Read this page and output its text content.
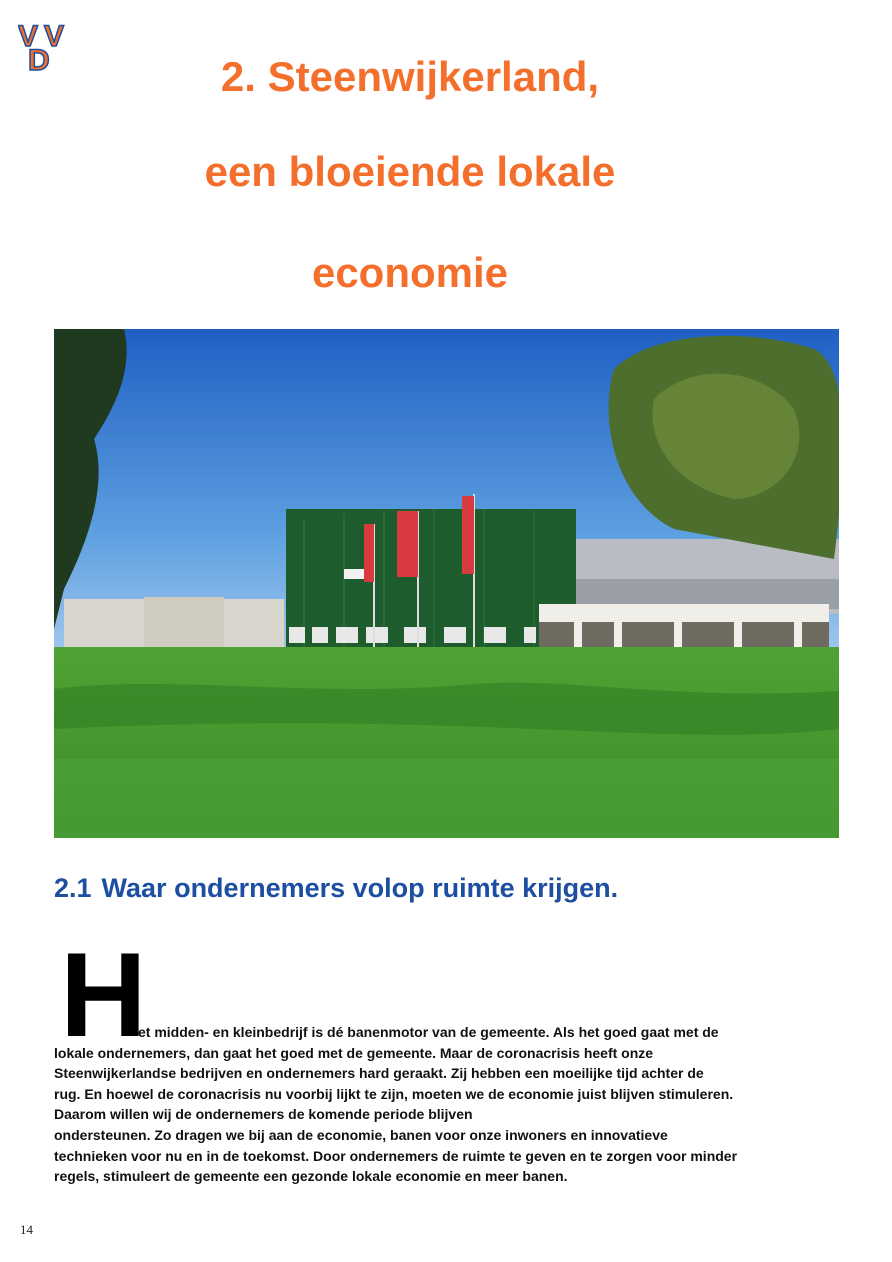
V V
D	2. Steenwijkerland,
een bloeiende lokale
economie
2.1 Waar ondernemers volop ruimte krijgen.
H

et midden- en kleinbedrijf is dé banenmotor van de gemeente. Als het goed gaat met de
lokale ondernemers, dan gaat het goed met de gemeente. Maar de coronacrisis heeft onze
Steenwijkerlandse bedrijven en ondernemers hard geraakt. Zij hebben een moeilijke tijd achter de
rug. En hoewel de coronacrisis nu voorbij lijkt te zijn, moeten we de economie juist blijven stimuleren.
Daarom willen wij de ondernemers de komende periode blijven
ondersteunen. Zo dragen we bij aan de economie, banen voor onze inwoners en innovatieve
technieken voor nu en in de toekomst. Door ondernemers de ruimte te geven en te zorgen voor minder
regels, stimuleert de gemeente een gezonde lokale economie en meer banen.

14
